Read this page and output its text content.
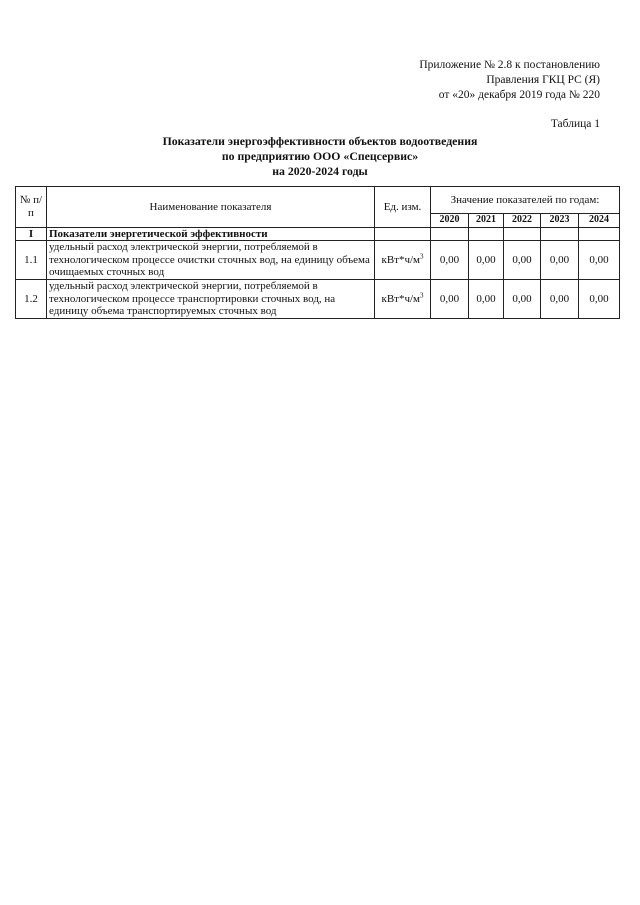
Приложение № 2.8 к постановлению
Правления ГКЦ РС (Я)
от «20» декабря 2019 года № 220
Таблица 1
Показатели энергоэффективности объектов водоотведения
по предприятию ООО «Спецсервис»
на 2020-2024 годы
№ п/п	Наименование показателя	Ед. изм.	Значение показателей по годам:				
			2020	2021	2022	2023	2024
I	Показатели энергетической эффективности						
1.1	удельный расход электрической энергии, потребляемой в технологическом процессе очистки сточных вод, на единицу объема очищаемых сточных вод	$кВт*ч/м^3$	0,00	0,00	0,00	0,00	0,00
1.2	удельный расход электрической энергии, потребляемой в технологическом процессе транспортировки сточных вод, на единицу объема транспортируемых сточных вод	$кВт*ч/м^3$	0,00	0,00	0,00	0,00	0,00
